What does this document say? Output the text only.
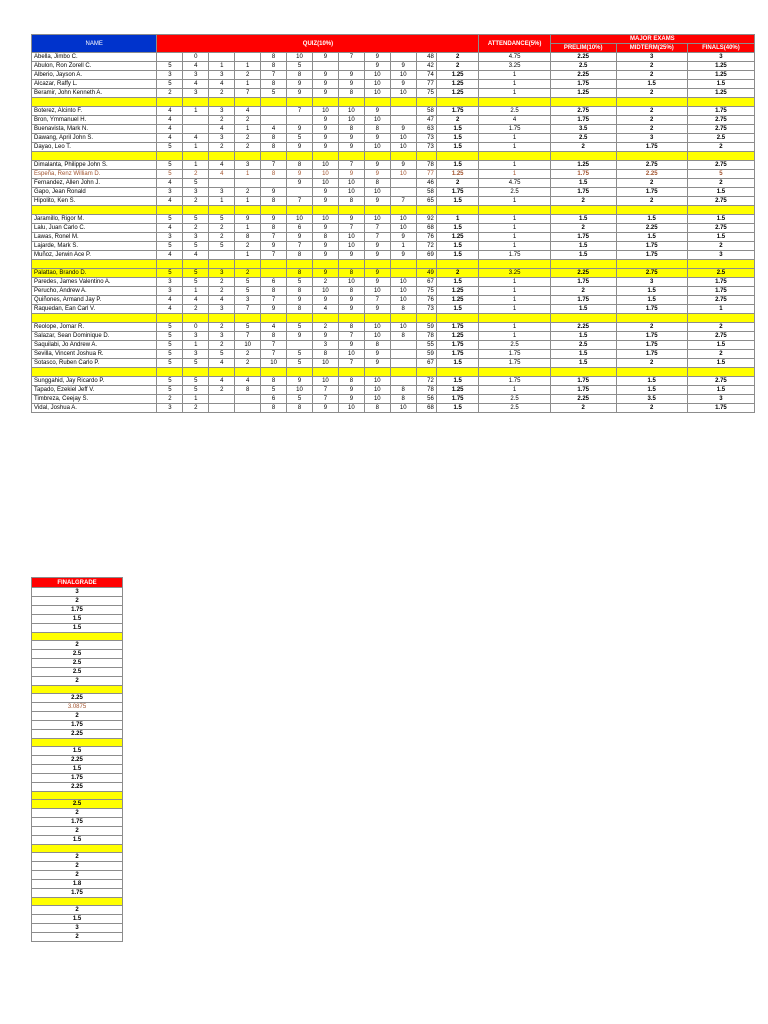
NAME	QUIZ(10%)												ATTENDANCE(5%)	MAJOR EXAMS		
														PRELIM(10%)	MIDTERM(25%)	FINALS(40%)
Abella, Jimbo C.		0			8	10	9	7	9		48	2	4.75	2.25	3	3
Abulon, Ron Zorell C.	5	4	1	1	8	5			9	9	42	2	3.25	2.5	2	1.25
Alberio, Jayson A.	3	3	3	2	7	8	9	9	10	10	74	1.25	1	2.25	2	1.25
Alcazar, Raffy L.	5	4	4	1	8	9	9	9	10	9	77	1.25	1	1.75	1.5	1.5
Beramir, John Kenneth A.	2	3	2	7	5	9	9	8	10	10	75	1.25	1	1.25	2	1.25

Boterez, Alcinto F.	4	1	3	4		7	10	10	9		58	1.75	2.5	2.75	2	1.75
Bron, Ymmanuel H.	4		2	2			9	10	10		47	2	4	1.75	2	2.75
Buenavista, Mark N.	4		4	1	4	9	9	8	8	9	63	1.5	1.75	3.5	2	2.75
Dawang, April John S.	4	4	3	2	8	5	9	9	9	10	73	1.5	1	2.5	3	2.5
Dayao, Leo T.	5	1	2	2	8	9	9	9	10	10	73	1.5	1	2	1.75	2

Dimalanta, Philippe John S.	5	1	4	3	7	8	10	7	9	9	78	1.5	1	1.25	2.75	2.75
Espeña, Renz William D.	5	2	4	1	8	9	10	9	9	10	77	1.25	1	1.75	2.25	5
Fernandez, Allen John J.	4	5				9	10	10	8		46	2	4.75	1.5	2	2
Gapo, Jean Ronald	3	3	3	2	9		9	10	10		58	1.75	2.5	1.75	1.75	1.5
Hipolito, Ken S.	4	2	1	1	8	7	9	8	9	7	65	1.5	1	2	2	2.75

Jaramillo, Rigor M.	5	5	5	9	9	10	10	9	10	10	92	1	1	1.5	1.5	1.5
Lalu, Juan Carlo C.	4	2	2	1	8	6	9	7	7	10	68	1.5	1	2	2.25	2.75
Lawas, Ronel M.	3	3	2	8	7	9	8	10	7	9	76	1.25	1	1.75	1.5	1.5
Lajarde, Mark S.	5	5	5	2	9	7	9	10	9	1	72	1.5	1	1.5	1.75	2
Muñoz, Jerwin Ace P.	4	4		1	7	8	9	9	9	9	69	1.5	1.75	1.5	1.75	3

Palattao, Brando D.	5	5	3	2		8	9	8	9		49	2	3.25	2.25	2.75	2.5
Paredes, James Valentino A.	3	5	2	5	6	5	2	10	9	10	67	1.5	1	1.75	3	1.75
Perucho, Andrew A.	3	1	2	5	8	8	10	8	10	10	75	1.25	1	2	1.5	1.75
Quiñones, Armand Jay P.	4	4	4	3	7	9	9	9	7	10	76	1.25	1	1.75	1.5	2.75
Raquedan, Ean Carl V.	4	2	3	7	9	8	4	9	9	8	73	1.5	1	1.5	1.75	1

Reolope, Jomar R.	5	0	2	5	4	5	2	8	10	10	59	1.75	1	2.25	2	2
Salazar, Sean Dominique D.	5	3	3	7	8	9	9	7	10	8	78	1.25	1	1.5	1.75	2.75
Saquilabi, Jo Andrew A.	5	1	2	10	7		3	9	8		55	1.75	2.5	2.5	1.75	1.5
Sevilla, Vincent Joshua R.	5	3	5	2	7	5	8	10	9		59	1.75	1.75	1.5	1.75	2
Sotasco, Ruben Carlo P.	5	5	4	2	10	5	10	7	9		67	1.5	1.75	1.5	2	1.5

Sunggahid, Jay Ricardo P.	5	5	4	4	8	9	10	8	10		72	1.5	1.75	1.75	1.5	2.75
Tapado, Ezekiel Jeff V.	5	5	2	8	5	10	7	9	10	8	78	1.25	1	1.75	1.5	1.5
Timbreza, Ceejay S.	2	1			6	5	7	9	10	8	56	1.75	2.5	2.25	3.5	3
Vidal, Joshua A.	3	2			8	8	9	10	8	10	68	1.5	2.5	2	2	1.75
FINALGRADE
3
2
1.75
1.5
1.5

2
2.5
2.5
2.5
2

2.25
3.0875
2
1.75
2.25

1.5
2.25
1.5
1.75
2.25

2.5
2
1.75
2
1.5

2
2
2
1.8
1.75

2
1.5
3
2
